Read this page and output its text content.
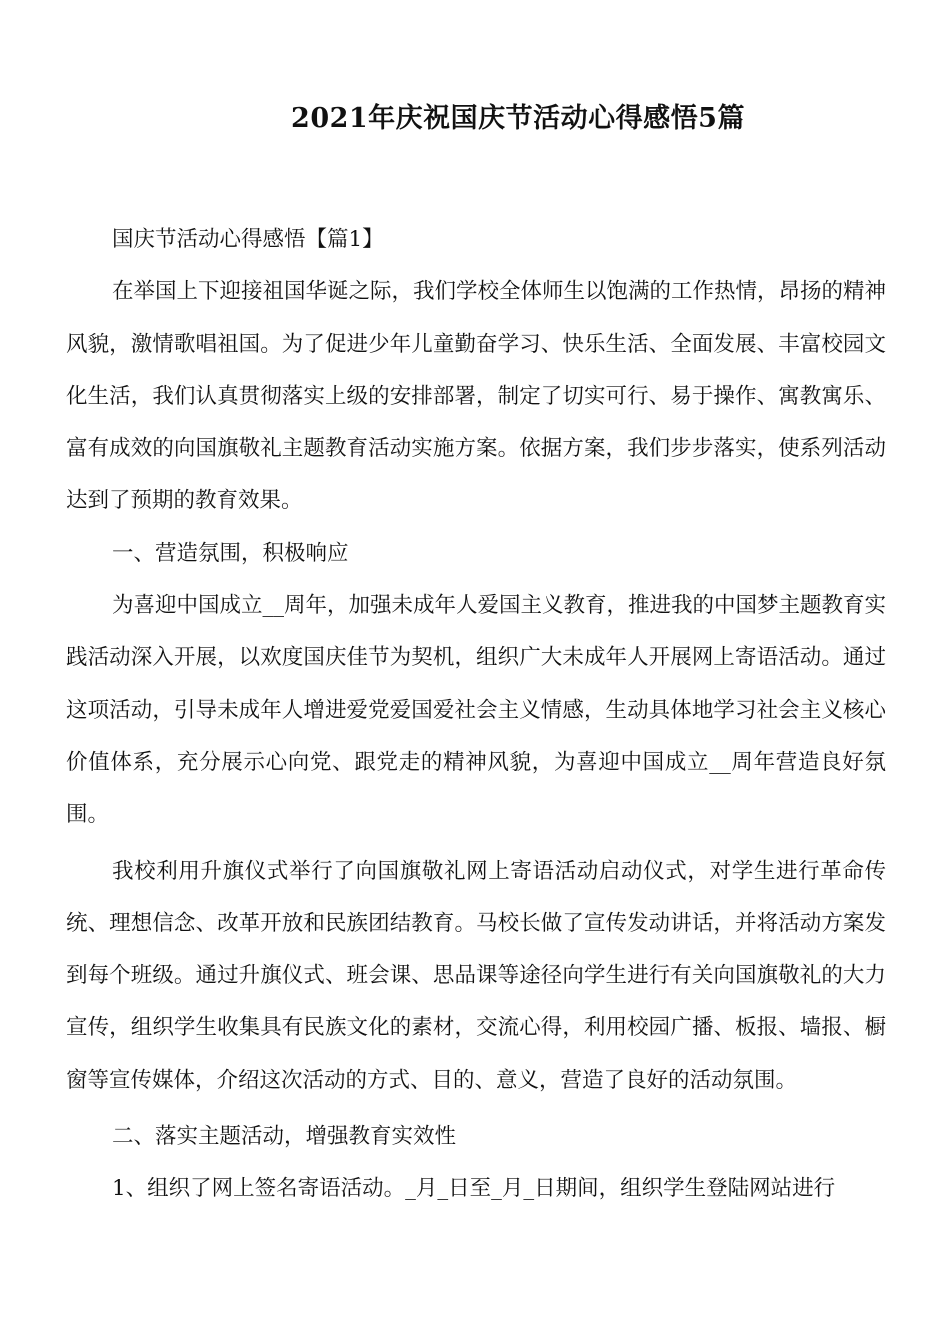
2021年庆祝国庆节活动心得感悟5篇

国庆节活动心得感悟【篇1】

在举国上下迎接祖国华诞之际，我们学校全体师生以饱满的工作热情，昂扬的精神风貌，激情歌唱祖国。为了促进少年儿童勤奋学习、快乐生活、全面发展、丰富校园文化生活，我们认真贯彻落实上级的安排部署，制定了切实可行、易于操作、寓教寓乐、富有成效的向国旗敬礼主题教育活动实施方案。依据方案，我们步步落实，使系列活动达到了预期的教育效果。

一、营造氛围，积极响应

为喜迎中国成立__周年，加强未成年人爱国主义教育，推进我的中国梦主题教育实践活动深入开展，以欢度国庆佳节为契机，组织广大未成年人开展网上寄语活动。通过这项活动，引导未成年人增进爱党爱国爱社会主义情感，生动具体地学习社会主义核心价值体系，充分展示心向党、跟党走的精神风貌，为喜迎中国成立__周年营造良好氛围。

我校利用升旗仪式举行了向国旗敬礼网上寄语活动启动仪式，对学生进行革命传统、理想信念、改革开放和民族团结教育。马校长做了宣传发动讲话，并将活动方案发到每个班级。通过升旗仪式、班会课、思品课等途径向学生进行有关向国旗敬礼的大力宣传，组织学生收集具有民族文化的素材，交流心得，利用校园广播、板报、墙报、橱窗等宣传媒体，介绍这次活动的方式、目的、意义，营造了良好的活动氛围。

二、落实主题活动，增强教育实效性

1、组织了网上签名寄语活动。_月_日至_月_日期间，组织学生登陆网站进行
